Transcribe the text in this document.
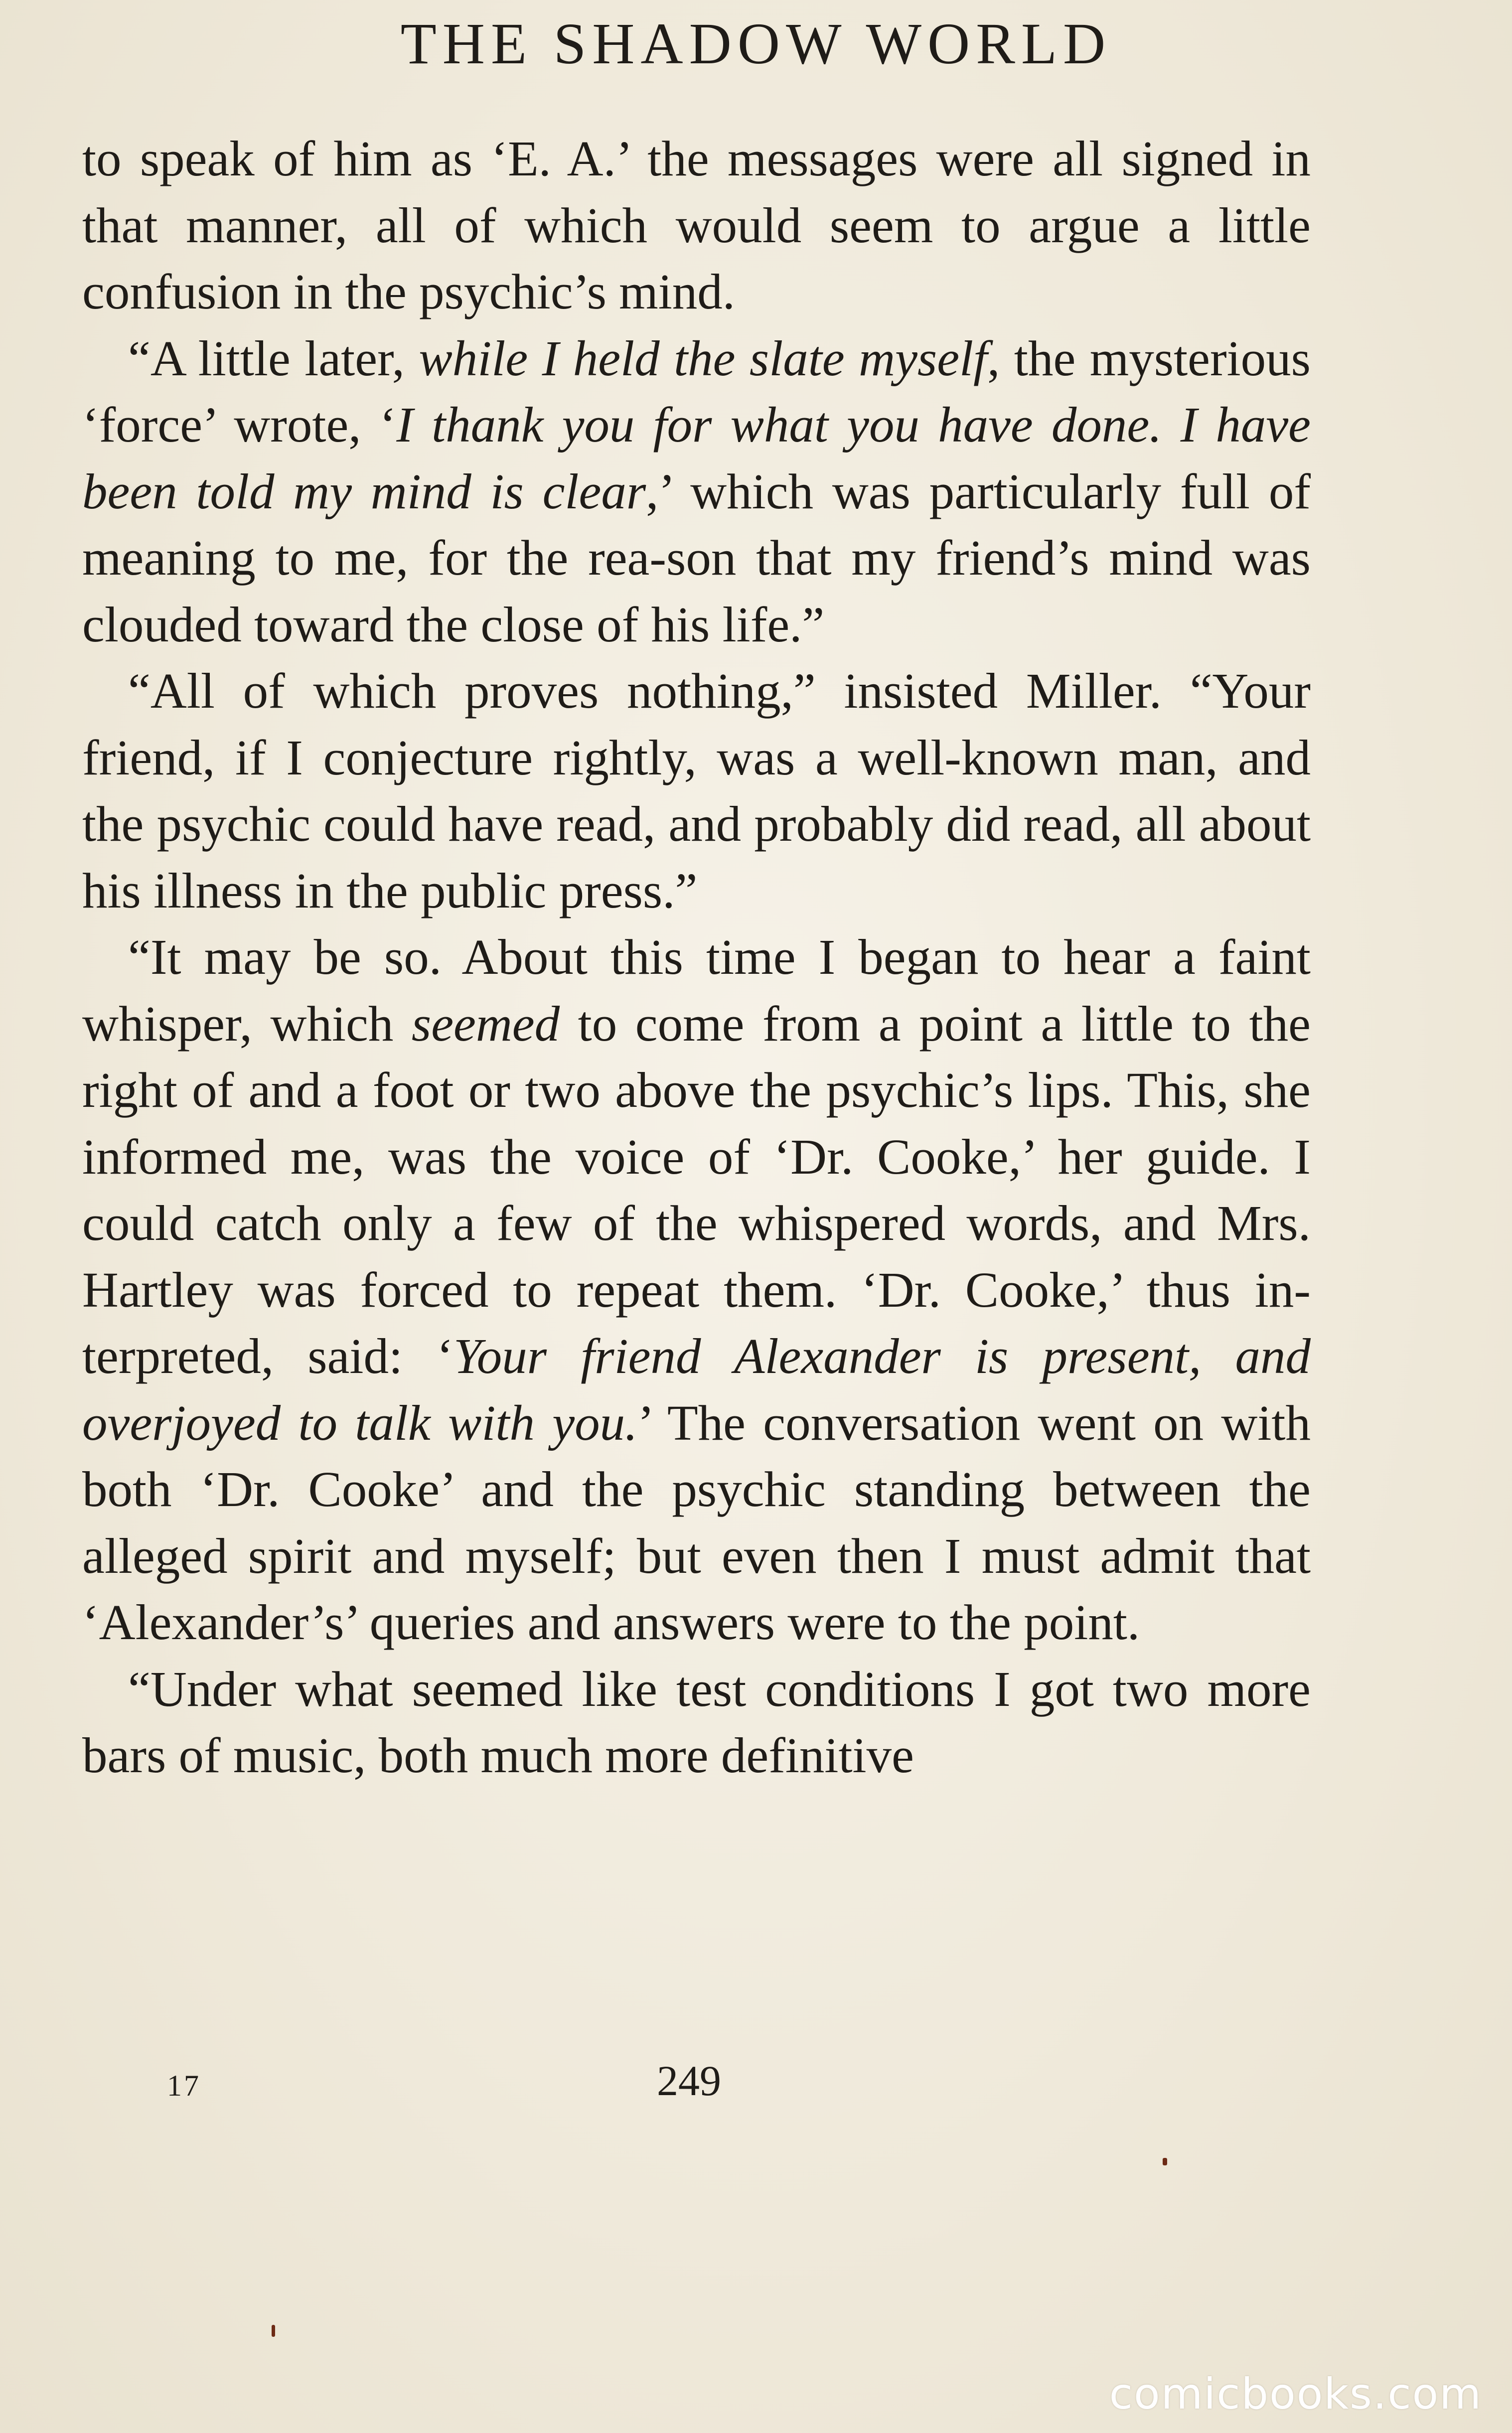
THE SHADOW WORLD

to speak of him as ‘E. A.’ the messages were all signed in that manner, all of which would seem to argue a little confusion in the psychic’s mind.

“A little later, while I held the slate myself, the mysterious ‘force’ wrote, ‘I thank you for what you have done. I have been told my mind is clear,’ which was particularly full of meaning to me, for the rea-son that my friend’s mind was clouded toward the close of his life.”

“All of which proves nothing,” insisted Miller. “Your friend, if I conjecture rightly, was a well-known man, and the psychic could have read, and probably did read, all about his illness in the public press.”

“It may be so. About this time I began to hear a faint whisper, which seemed to come from a point a little to the right of and a foot or two above the psychic’s lips. This, she informed me, was the voice of ‘Dr. Cooke,’ her guide. I could catch only a few of the whispered words, and Mrs. Hartley was forced to repeat them. ‘Dr. Cooke,’ thus in-terpreted, said: ‘Your friend Alexander is present, and overjoyed to talk with you.’ The conversation went on with both ‘Dr. Cooke’ and the psychic standing between the alleged spirit and myself; but even then I must admit that ‘Alexander’s’ queries and answers were to the point.

“Under what seemed like test conditions I got two more bars of music, both much more definitive

17	249
comicbooks.com
